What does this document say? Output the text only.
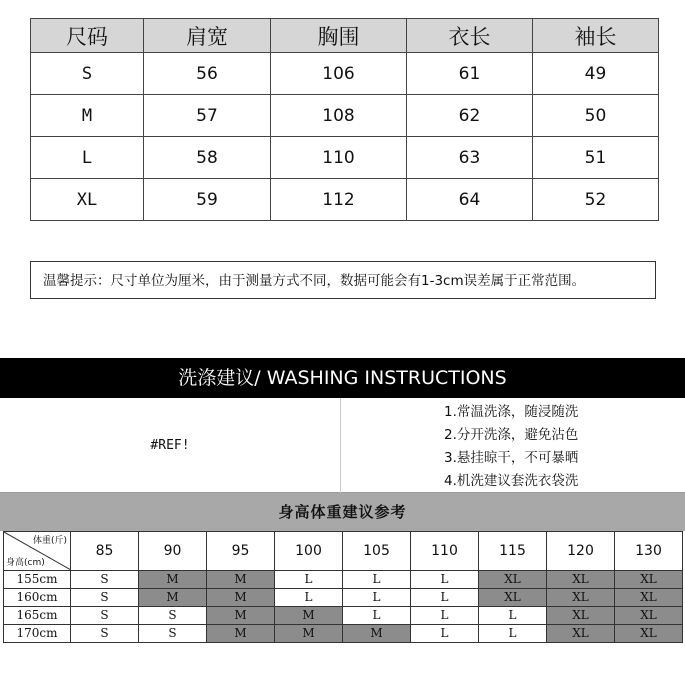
尺码	肩宽	胸围	衣长	袖长
S	56	106	61	49
M	57	108	62	50
L	58	110	63	51
XL	59	112	64	52
温馨提示：尺寸单位为厘米，由于测量方式不同，数据可能会有1-3cm误差属于正常范围。
洗涤建议/ WASHING INSTRUCTIONS
#REF!
1.常温洗涤，随浸随洗
2.分开洗涤，避免沾色
3.悬挂晾干，不可暴晒
4.机洗建议套洗衣袋洗
身高体重建议参考
体重(斤)
身高(cm)	85	90	95	100	105	110	115	120	130
155cm	S	M	M	L	L	L	XL	XL	XL
160cm	S	M	M	L	L	L	XL	XL	XL
165cm	S	S	M	M	L	L	L	XL	XL
170cm	S	S	M	M	M	L	L	XL	XL
